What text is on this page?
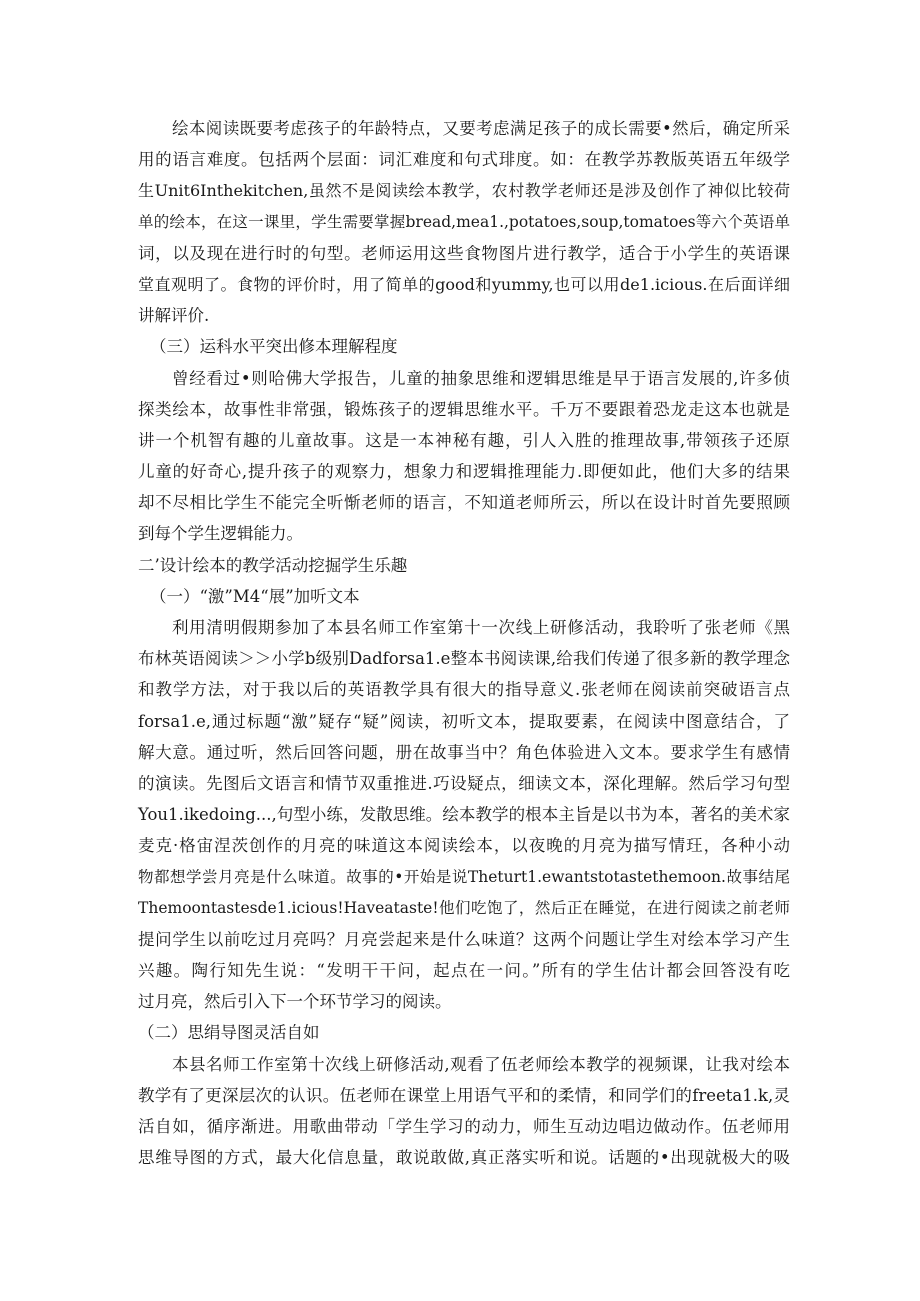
绘本阅读既要考虑孩子的年龄特点，又要考虑满足孩子的成长需要•然后，确定所采
用的语言难度。包括两个层面：词汇难度和句式琲度。如：在教学苏教版英语五年级学
生Unit6Inthekitchen,虽然不是阅读绘本教学，农村教学老师还是涉及创作了神似比较荷
单的绘本，在这一课里，学生需要掌握bread,mea1.,potatoes,soup,tomatoes等六个英语单
词，以及现在进行时的句型。老师运用这些食物图片进行教学，适合于小学生的英语课
堂直观明了。食物的评价时，用了简单的good和yummy,也可以用de1.icious.在后面详细
讲解评价.
（三）运科水平突出修本理解程度
曾经看过•则哈佛大学报告，儿童的抽象思维和逻辑思维是早于语言发展的,许多侦
探类绘本，故事性非常强，锻炼孩子的逻辑思维水平。千万不要跟着恐龙走这本也就是
讲一个机智有趣的儿童故事。这是一本神秘有趣，引人入胜的推理故事,带领孩子还原
儿童的好奇心,提升孩子的观察力，想象力和逻辑推理能力.即便如此，他们大多的结果
却不尽相比学生不能完全听惭老师的语言，不知道老师所云，所以在设计时首先要照顾
到每个学生逻辑能力。
二’设计绘本的教学活动挖掘学生乐趣
（一）“激”M4“展”加听文本
利用清明假期参加了本县名师工作室第十一次线上研修活动，我聆听了张老师《黑
布林英语阅读＞＞小学b级别Dadforsa1.e整本书阅读课,给我们传递了很多新的教学理念
和教学方法，对于我以后的英语教学具有很大的指导意义.张老师在阅读前突破语言点
forsa1.e,通过标题“激”疑存“疑”阅读，初听文本，提取要素，在阅读中图意结合，了
解大意。通过听，然后回答问题，册在故事当中？角色体验进入文本。要求学生有感情
的演读。先图后文语言和情节双重推进.巧设疑点，细读文本，深化理解。然后学习句型
You1.ikedoing...,句型小练，发散思维。绘本教学的根本主旨是以书为本，著名的美术家
麦克·格宙涅茨创作的月亮的味道这本阅读绘本，以夜晚的月亮为描写情玨，各种小动
物都想学尝月亮是什么味道。故事的•开始是说Theturt1.ewantstotastethemoon.故事结尾
Themoontastesde1.icious!Haveataste!他们吃饱了，然后正在睡觉，在进行阅读之前老师
提问学生以前吃过月亮吗？月亮尝起来是什么味道？这两个问题让学生对绘本学习产生
兴趣。陶行知先生说：“发明干干问，起点在一问。”所有的学生估计都会回答没有吃
过月亮，然后引入下一个环节学习的阅读。
（二）思绢导图灵活自如
本县名师工作室第十次线上研修活动,观看了伍老师绘本教学的视频课，让我对绘本
教学有了更深层次的认识。伍老师在课堂上用语气平和的柔情，和同学们的freeta1.k,灵
活自如，循序渐进。用歌曲带动「学生学习的动力，师生互动边唱边做动作。伍老师用
思维导图的方式，最大化信息量，敢说敢做,真正落实听和说。话题的•出现就极大的吸
